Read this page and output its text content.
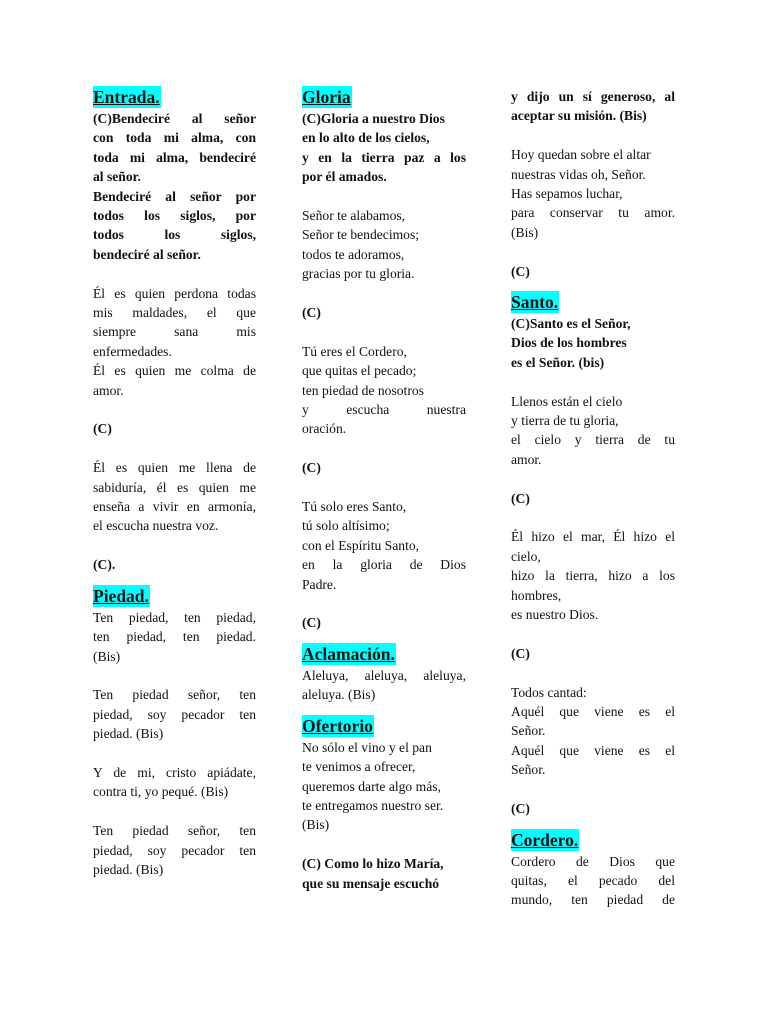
Entrada.
(C)Bendeciré al señor
con toda mi alma, con
toda mi alma, bendeciré
al señor.
Bendeciré al señor por
todos los siglos, por
todos los siglos,
bendeciré al señor.
Él es quien perdona todas
mis maldades, el que
siempre sana mis
enfermedades.
Él es quien me colma de
amor.
(C)
Él es quien me llena de
sabiduría, él es quien me
enseña a vivir en armonía,
el escucha nuestra voz.
(C).
Piedad.
Ten piedad, ten piedad,
ten piedad, ten piedad.
(Bis)
Ten piedad señor, ten
piedad, soy pecador ten
piedad. (Bis)
Y de mi, cristo apiádate,
contra ti, yo pequé. (Bis)
Ten piedad señor, ten
piedad, soy pecador ten
piedad. (Bis)
Gloria
(C)Gloria a nuestro Dios
en lo alto de los cielos,
y en la tierra paz a los
por él amados.
Señor te alabamos,
Señor te bendecimos;
todos te adoramos,
gracias por tu gloria.
(C)
Tú eres el Cordero,
que quitas el pecado;
ten piedad de nosotros
y escucha nuestra
oración.
(C)
Tú solo eres Santo,
tú solo altísimo;
con el Espíritu Santo,
en la gloria de Dios
Padre.
(C)
Aclamación.
Aleluya, aleluya, aleluya,
aleluya. (Bis)
Ofertorio
No sólo el vino y el pan
te venimos a ofrecer,
queremos darte algo más,
te entregamos nuestro ser.
(Bis)
(C) Como lo hizo María,
que su mensaje escuchó
y dijo un sí generoso, al
aceptar su misión. (Bis)
Hoy quedan sobre el altar
nuestras vidas oh, Señor.
Has sepamos luchar,
para conservar tu amor.
(Bis)
(C)
Santo.
(C)Santo es el Señor,
Dios de los hombres
es el Señor. (bis)
Llenos están el cielo
y tierra de tu gloria,
el cielo y tierra de tu
amor.
(C)
Él hizo el mar, Él hizo el
cielo,
hizo la tierra, hizo a los
hombres,
es nuestro Dios.
(C)
Todos cantad:
Aquél que viene es el
Señor.
Aquél que viene es el
Señor.
(C)
Cordero.
Cordero de Dios que
quitas, el pecado del
mundo, ten piedad de
